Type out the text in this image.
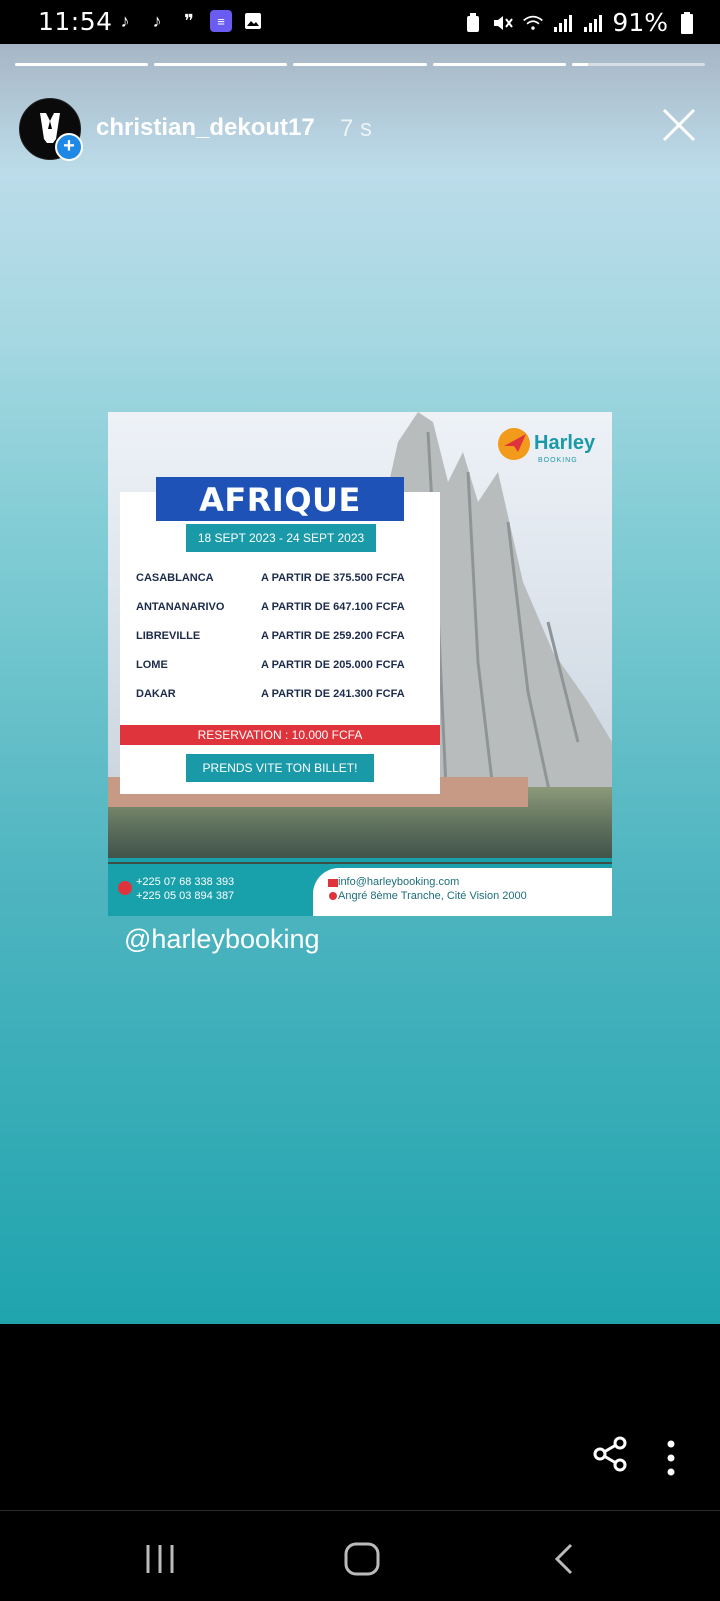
11:54 ♪	♪	❞	≡	91%
+
christian_dekout17 7 s
AFRIQUE
18 SEPT 2023 - 24 SEPT 2023
CASABLANCA	A PARTIR DE 375.500 FCFA
ANTANANARIVO	A PARTIR DE 647.100 FCFA
LIBREVILLE	A PARTIR DE 259.200 FCFA
LOME	A PARTIR DE 205.000 FCFA
DAKAR	A PARTIR DE 241.300 FCFA
RESERVATION : 10.000 FCFA
PRENDS VITE TON BILLET!
Harley
BOOKING
+225 07 68 338 393
+225 05 03 894 387
info@harleybooking.com
Angré 8ème Tranche, Cité Vision 2000
@harleybooking
